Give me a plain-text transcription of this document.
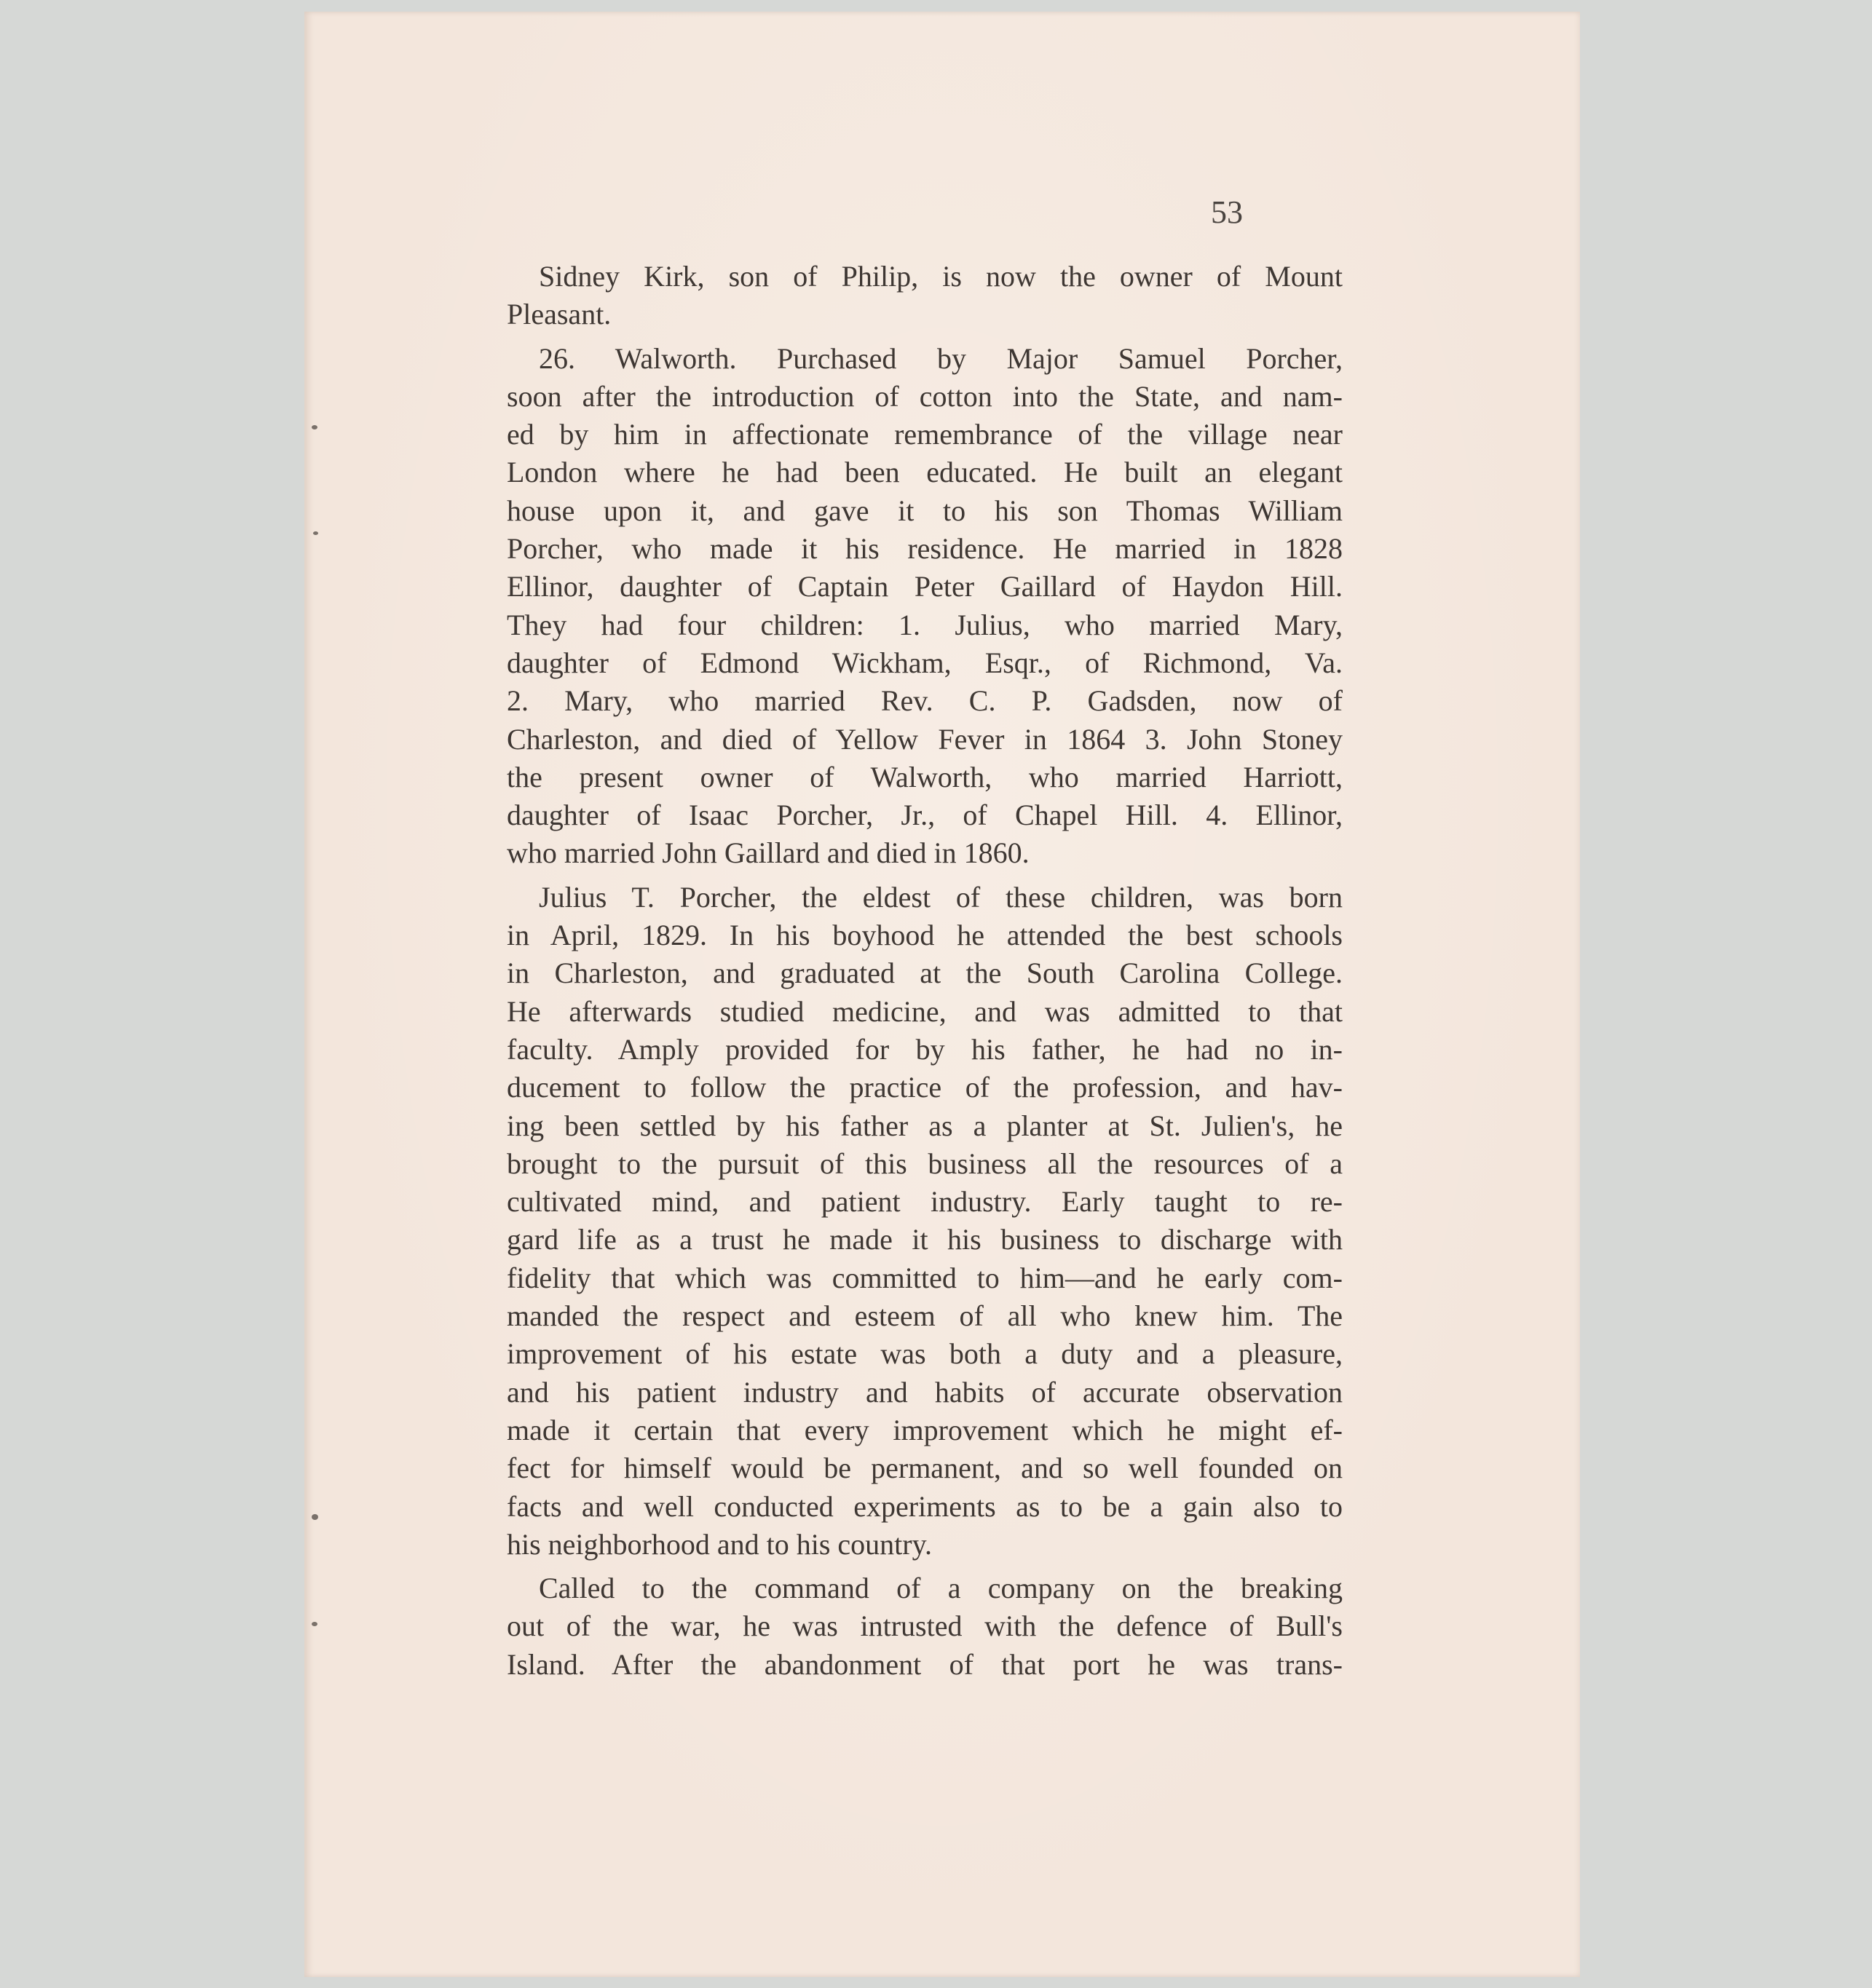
53

Sidney Kirk, son of Philip, is now the owner of Mount
Pleasant.
26. Walworth. Purchased by Major Samuel Porcher,
soon after the introduction of cotton into the State, and nam-
ed by him in affectionate remembrance of the village near
London where he had been educated. He built an elegant
house upon it, and gave it to his son Thomas William
Porcher, who made it his residence. He married in 1828
Ellinor, daughter of Captain Peter Gaillard of Haydon Hill.
They had four children: 1. Julius, who married Mary,
daughter of Edmond Wickham, Esqr., of Richmond, Va.
2. Mary, who married Rev. C. P. Gadsden, now of
Charleston, and died of Yellow Fever in 1864 3. John Stoney
the present owner of Walworth, who married Harriott,
daughter of Isaac Porcher, Jr., of Chapel Hill. 4. Ellinor,
who married John Gaillard and died in 1860.
Julius T. Porcher, the eldest of these children, was born
in April, 1829. In his boyhood he attended the best schools
in Charleston, and graduated at the South Carolina College.
He afterwards studied medicine, and was admitted to that
faculty. Amply provided for by his father, he had no in-
ducement to follow the practice of the profession, and hav-
ing been settled by his father as a planter at St. Julien's, he
brought to the pursuit of this business all the resources of a
cultivated mind, and patient industry. Early taught to re-
gard life as a trust he made it his business to discharge with
fidelity that which was committed to him—and he early com-
manded the respect and esteem of all who knew him. The
improvement of his estate was both a duty and a pleasure,
and his patient industry and habits of accurate observation
made it certain that every improvement which he might ef-
fect for himself would be permanent, and so well founded on
facts and well conducted experiments as to be a gain also to
his neighborhood and to his country.
Called to the command of a company on the breaking
out of the war, he was intrusted with the defence of Bull's
Island. After the abandonment of that port he was trans-
